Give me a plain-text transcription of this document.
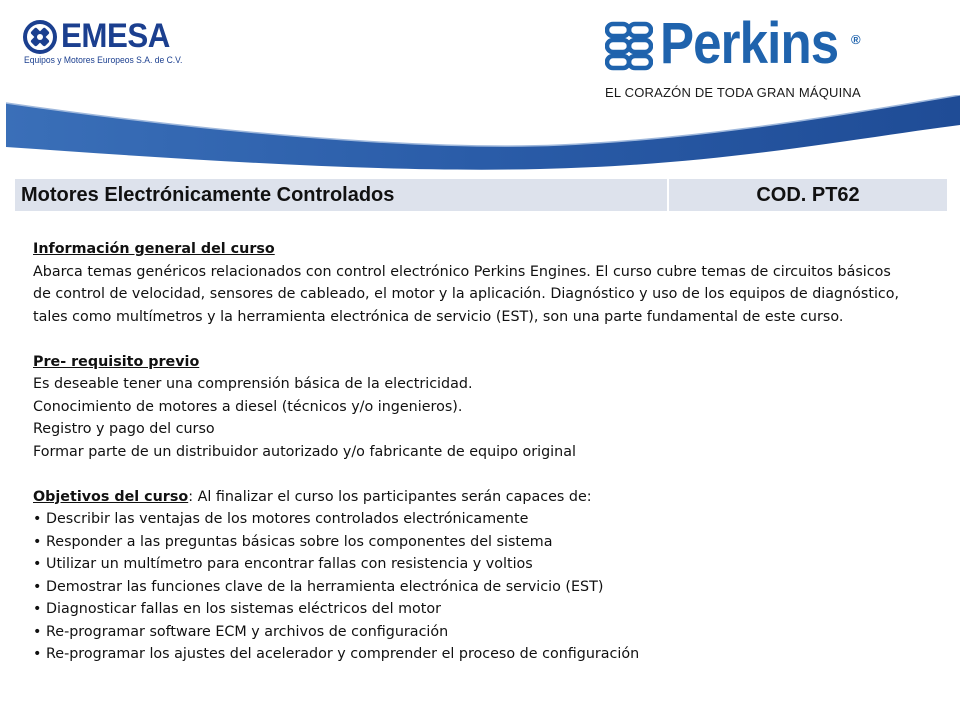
EMESA
Equipos y Motores Europeos S.A. de C.V.	Perkins ®
EL CORAZÓN DE TODA GRAN MÁQUINA
Motores Electrónicamente Controlados	COD. PT62
Información general del curso
Abarca temas genéricos relacionados con control electrónico Perkins Engines. El curso cubre temas de circuitos básicos de control de velocidad, sensores de cableado, el motor y la aplicación. Diagnóstico y uso de los equipos de diagnóstico, tales como multímetros y la herramienta electrónica de servicio (EST), son una parte fundamental de este curso.
Pre- requisito previo
Es deseable tener una comprensión básica de la electricidad.
Conocimiento de motores a diesel (técnicos y/o ingenieros).
Registro y pago del curso
Formar parte de un distribuidor autorizado y/o fabricante de equipo original
Objetivos del curso: Al finalizar el curso los participantes serán capaces de:
• Describir las ventajas de los motores controlados electrónicamente
• Responder a las preguntas básicas sobre los componentes del sistema
• Utilizar un multímetro para encontrar fallas con resistencia y voltios
• Demostrar las funciones clave de la herramienta electrónica de servicio (EST)
• Diagnosticar fallas en los sistemas eléctricos del motor
• Re-programar software ECM y archivos de configuración
• Re-programar los ajustes del acelerador y comprender el proceso de configuración
